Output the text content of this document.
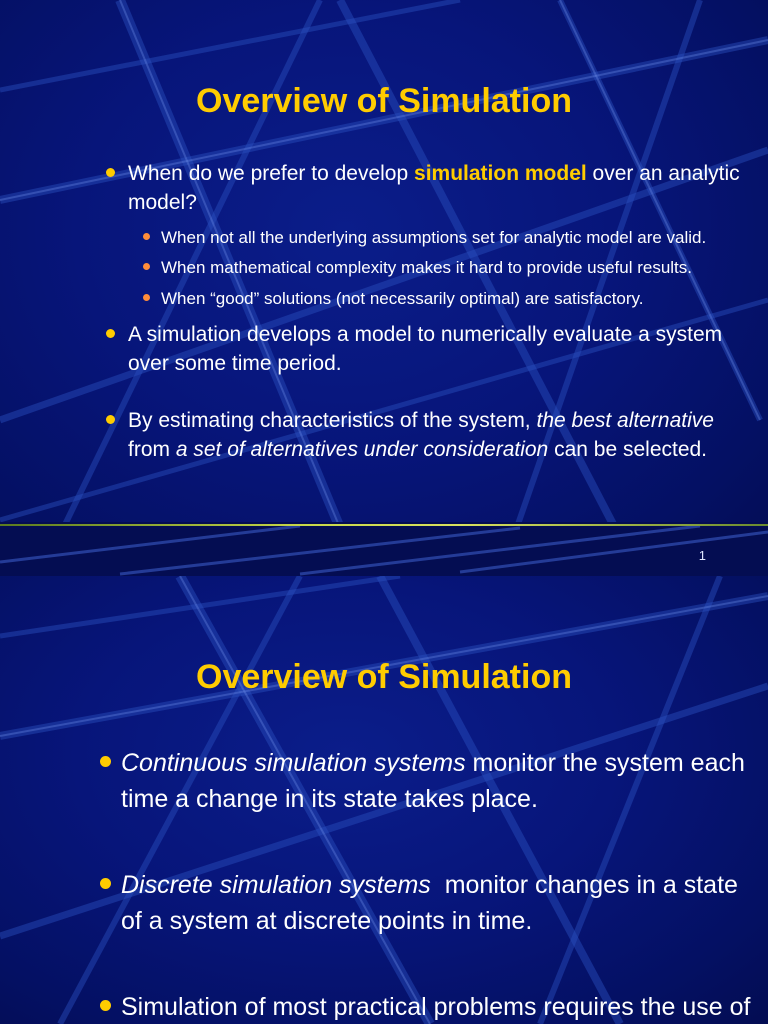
Overview of Simulation
When do we prefer to develop simulation model over an analytic
model?
When not all the underlying assumptions set for analytic model are valid.
When mathematical complexity makes it hard to provide useful results.
When “good” solutions (not necessarily optimal) are satisfactory.
A simulation develops a model to numerically evaluate a system
over some time period.
By estimating characteristics of the system, the best alternative
from a set of alternatives under consideration can be selected.
1
Overview of Simulation
Continuous simulation systems monitor the system each
time a change in its state takes place.
Discrete simulation systems  monitor changes in a state
of a system at discrete points in time.
Simulation of most practical problems requires the use of
